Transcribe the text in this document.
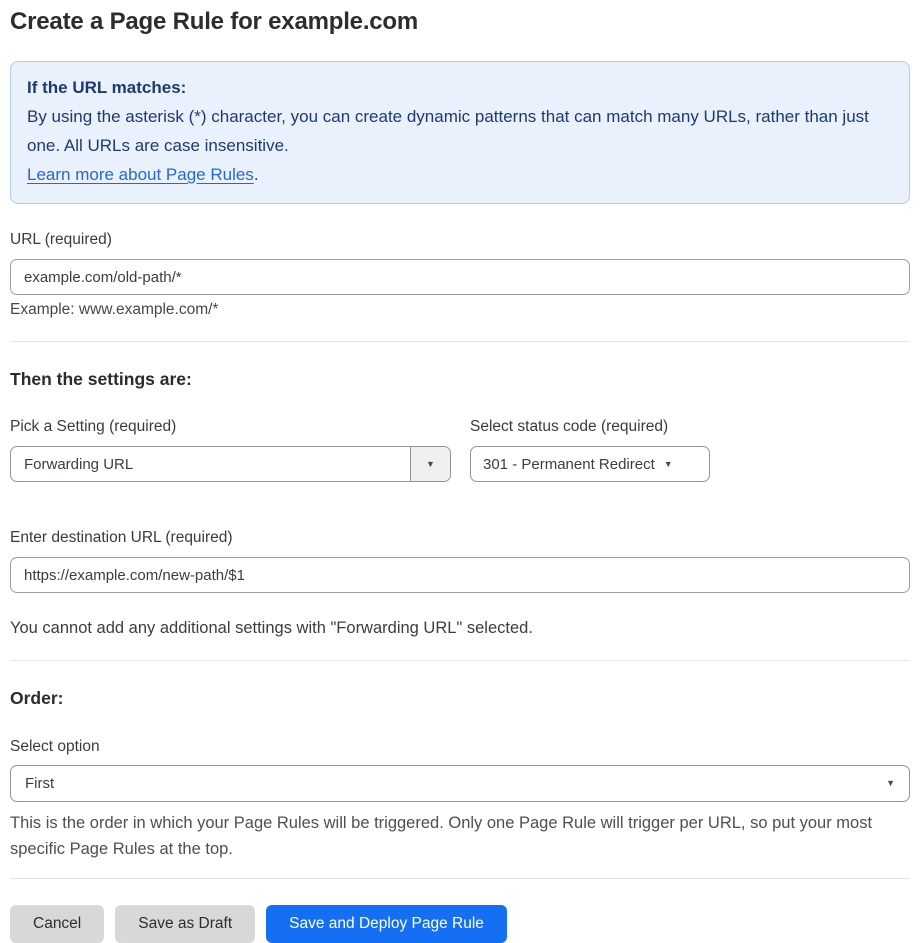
Create a Page Rule for example.com

If the URL matches:

By using the asterisk (*) character, you can create dynamic patterns that can match many URLs, rather than just one. All URLs are case insensitive.

Learn more about Page Rules.

URL (required)
example.com/old-path/*

Example: www.example.com/*

Then the settings are:
Pick a Setting (required)
Forwarding URL	▼
Select status code (required)
301 - Permanent Redirect ▼
Enter destination URL (required)
https://example.com/new-path/$1

You cannot add any additional settings with "Forwarding URL" selected.

Order:
Select option
First	▼

This is the order in which your Page Rules will be triggered. Only one Page Rule will trigger per URL, so put your most specific Page Rules at the top.

Cancel	Save as Draft	Save and Deploy Page Rule
